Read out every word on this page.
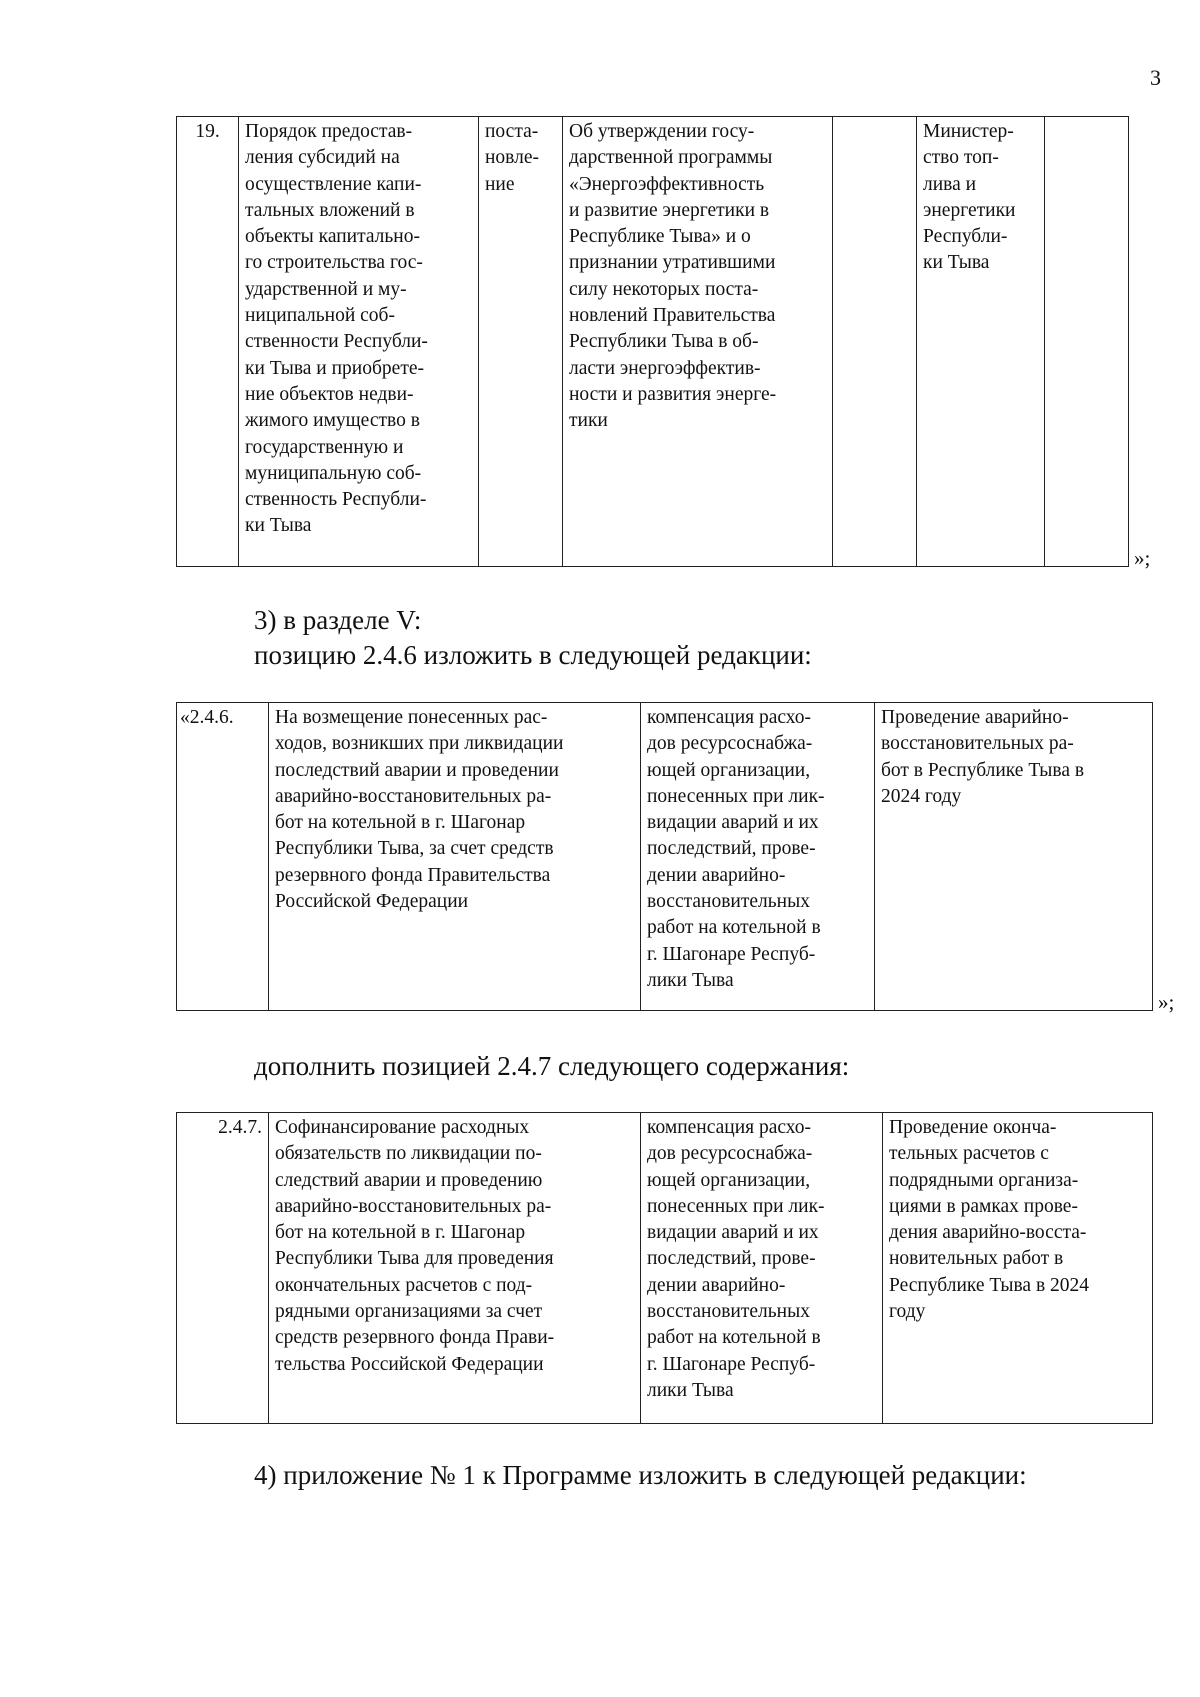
3
19.	Порядок предостав-
ления субсидий на
осуществление капи-
тальных вложений в
объекты капитально-
го строительства гос-
ударственной и му-
ниципальной соб-
ственности Республи-
ки Тыва и приобрете-
ние объектов недви-
жимого имущество в
государственную и
муниципальную соб-
ственность Республи-
ки Тыва	поста-
новле-
ние	Об утверждении госу-
дарственной программы
«Энергоэффективность
и развитие энергетики в
Республике Тыва» и о
признании утратившими
силу некоторых поста-
новлений Правительства
Республики Тыва в об-
ласти энергоэффектив-
ности и развития энерге-
тики		Министер-
ство топ-
лива и
энергетики
Республи-
ки Тыва	
»;
3) в разделе V:
позицию 2.4.6 изложить в следующей редакции:
«2.4.6.	На возмещение понесенных рас-
ходов, возникших при ликвидации
последствий аварии и проведении
аварийно-восстановительных ра-
бот на котельной в г. Шагонар
Республики Тыва, за счет средств
резервного фонда Правительства
Российской Федерации	компенсация расхо-
дов ресурсоснабжа-
ющей организации,
понесенных при лик-
видации аварий и их
последствий, прове-
дении аварийно-
восстановительных
работ на котельной в
г. Шагонаре Респуб-
лики Тыва	Проведение аварийно-
восстановительных ра-
бот в Республике Тыва в
2024 году
»;
дополнить позицией 2.4.7 следующего содержания:
2.4.7.	Софинансирование расходных
обязательств по ликвидации по-
следствий аварии и проведению
аварийно-восстановительных ра-
бот на котельной в г. Шагонар
Республики Тыва для проведения
окончательных расчетов с под-
рядными организациями за счет
средств резервного фонда Прави-
тельства Российской Федерации	компенсация расхо-
дов ресурсоснабжа-
ющей организации,
понесенных при лик-
видации аварий и их
последствий, прове-
дении аварийно-
восстановительных
работ на котельной в
г. Шагонаре Респуб-
лики Тыва	Проведение оконча-
тельных расчетов с
подрядными организа-
циями в рамках прове-
дения аварийно-восста-
новительных работ в
Республике Тыва в 2024
году
4) приложение № 1 к Программе изложить в следующей редакции:
